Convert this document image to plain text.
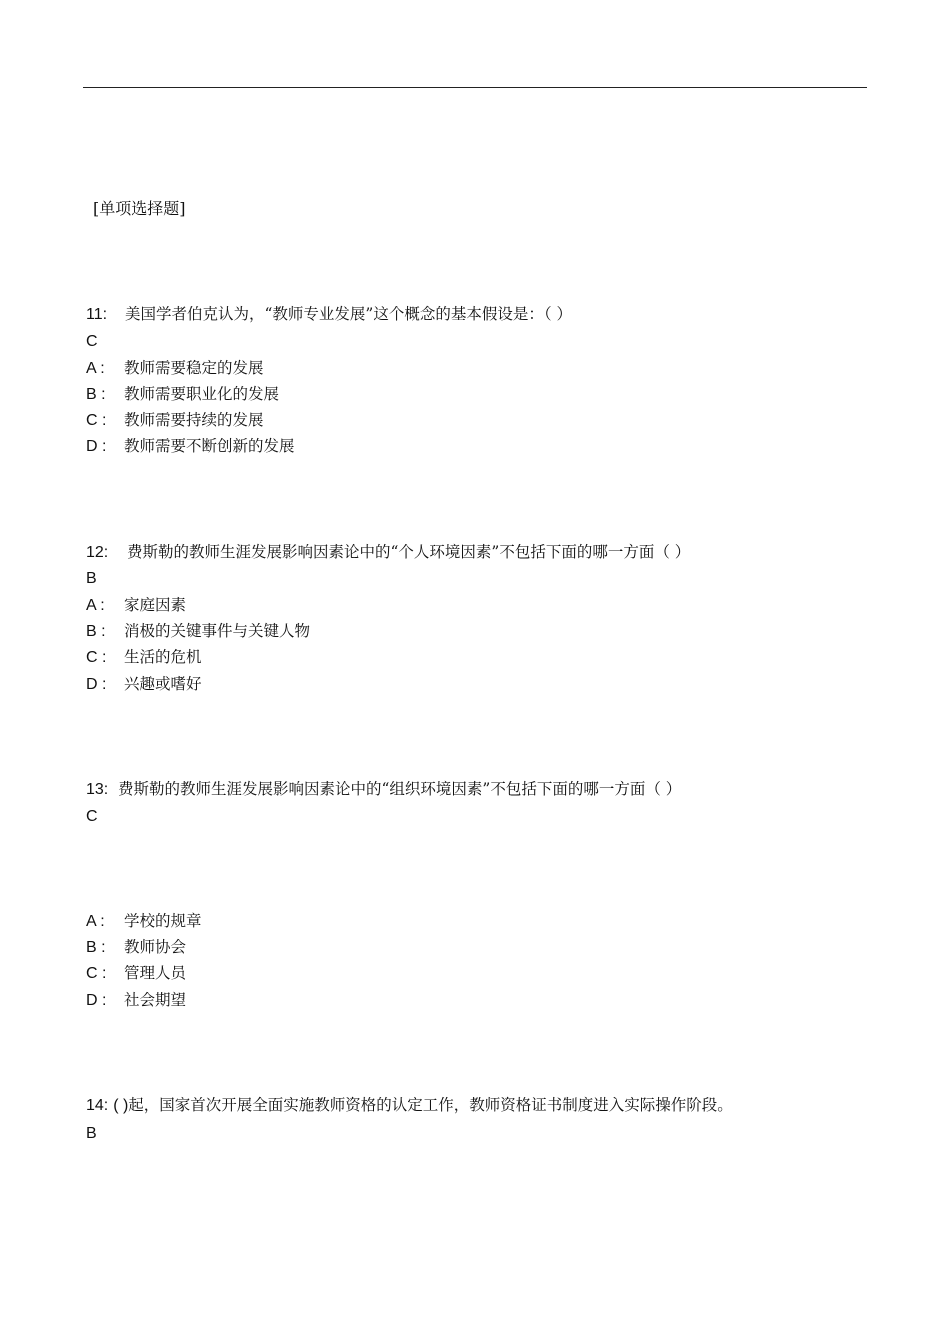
[单项选择题]
11: 美国学者伯克认为，“教师专业发展”这个概念的基本假设是：（ ）
C
A : 教师需要稳定的发展
B : 教师需要职业化的发展
C : 教师需要持续的发展
D : 教师需要不断创新的发展
12: 费斯勒的教师生涯发展影响因素论中的“个人环境因素”不包括下面的哪一方面（ ）
B
A : 家庭因素
B : 消极的关键事件与关键人物
C : 生活的危机
D : 兴趣或嗜好
13: 费斯勒的教师生涯发展影响因素论中的“组织环境因素”不包括下面的哪一方面（ ）
C
A : 学校的规章
B : 教师协会
C : 管理人员
D : 社会期望
14: ( )起，国家首次开展全面实施教师资格的认定工作，教师资格证书制度进入实际操作阶段。
B
